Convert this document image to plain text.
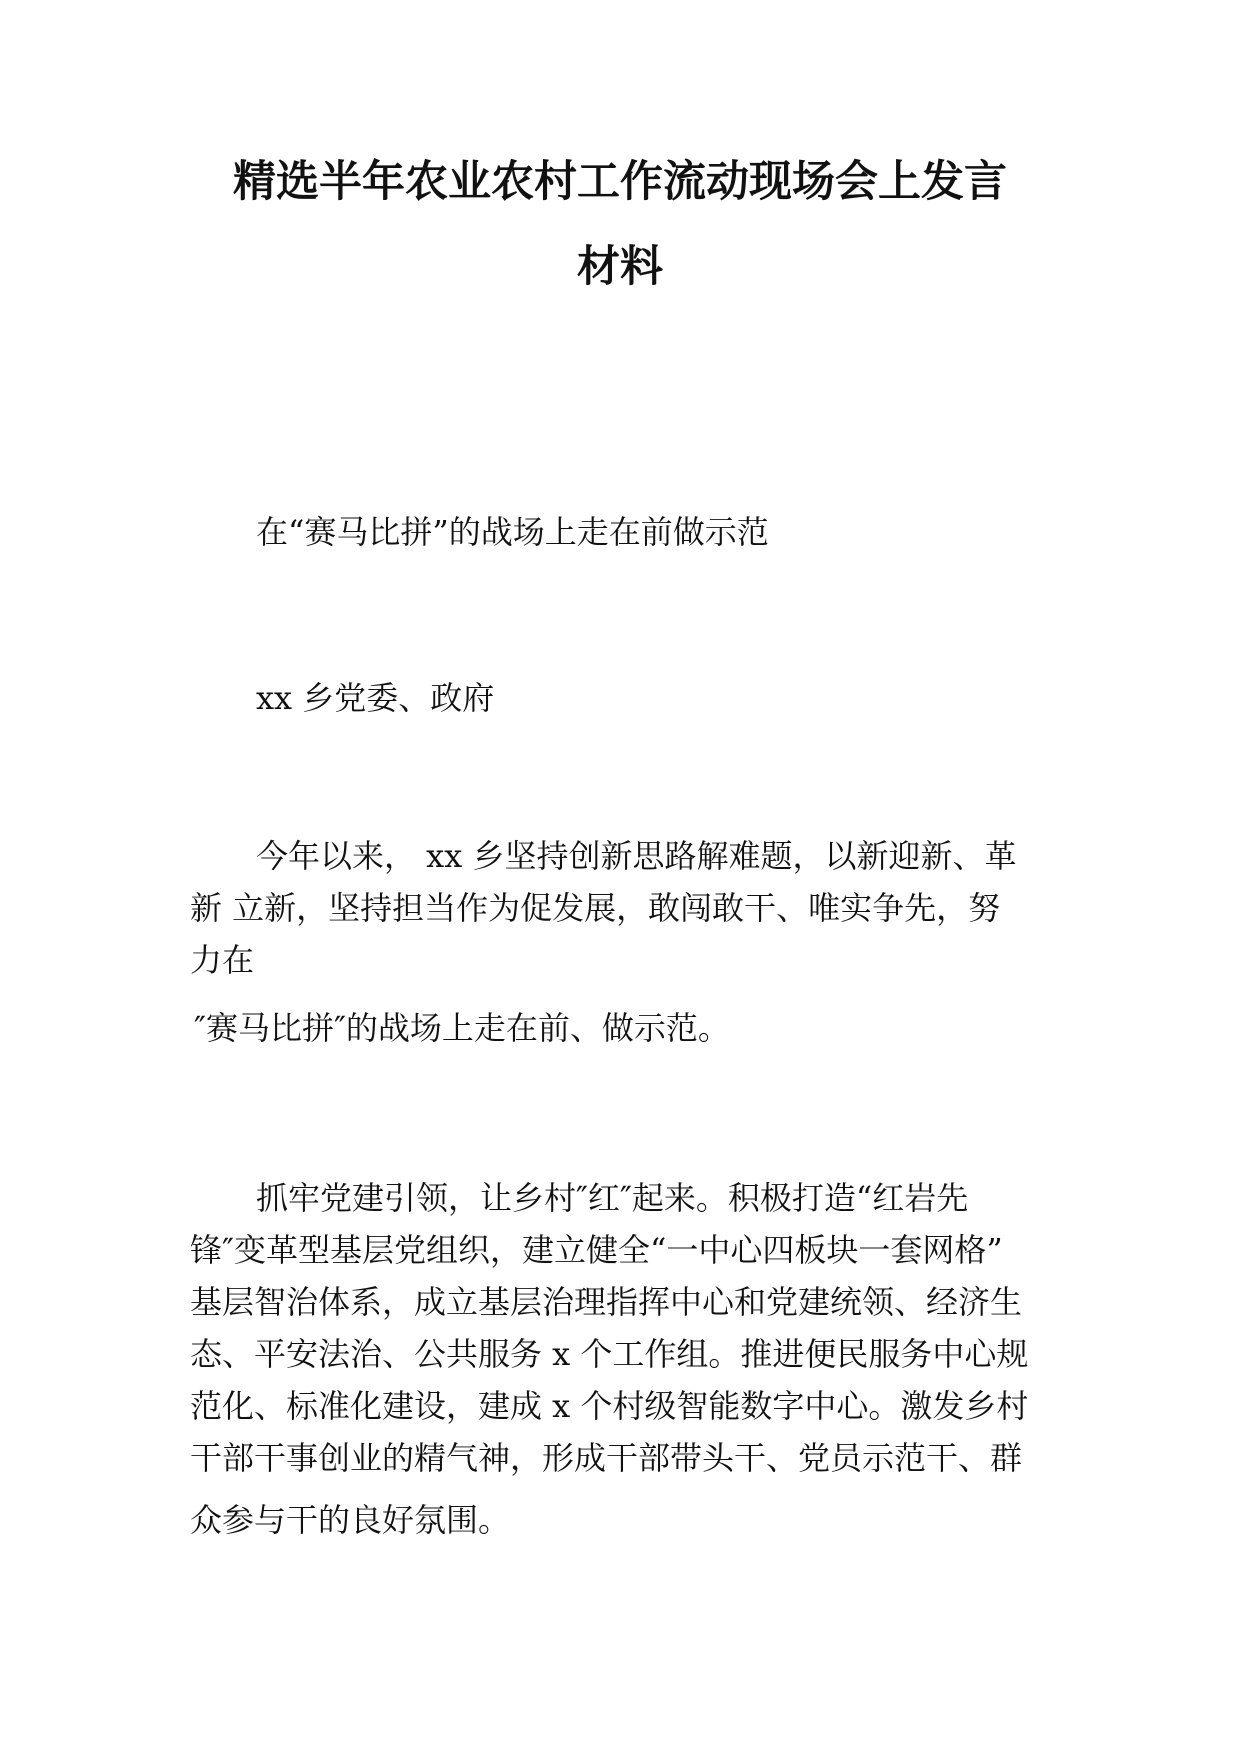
精选半年农业农村工作流动现场会上发言
材料

在“赛马比拼”的战场上走在前做示范

xx 乡党委、政府

今年以来， xx 乡坚持创新思路解难题，以新迎新、革
新 立新，坚持担当作为促发展，敢闯敢干、唯实争先，努
力在
″赛马比拼″的战场上走在前、做示范。
抓牢党建引领，让乡村″红″起来。积极打造“红岩先
锋″变革型基层党组织，建立健全“一中心四板块一套网格”
基层智治体系，成立基层治理指挥中心和党建统领、经济生
态、平安法治、公共服务 x 个工作组。推进便民服务中心规
范化、标准化建设，建成 x 个村级智能数字中心。激发乡村
干部干事创业的精气神，形成干部带头干、党员示范干、群
众参与干的良好氛围。
